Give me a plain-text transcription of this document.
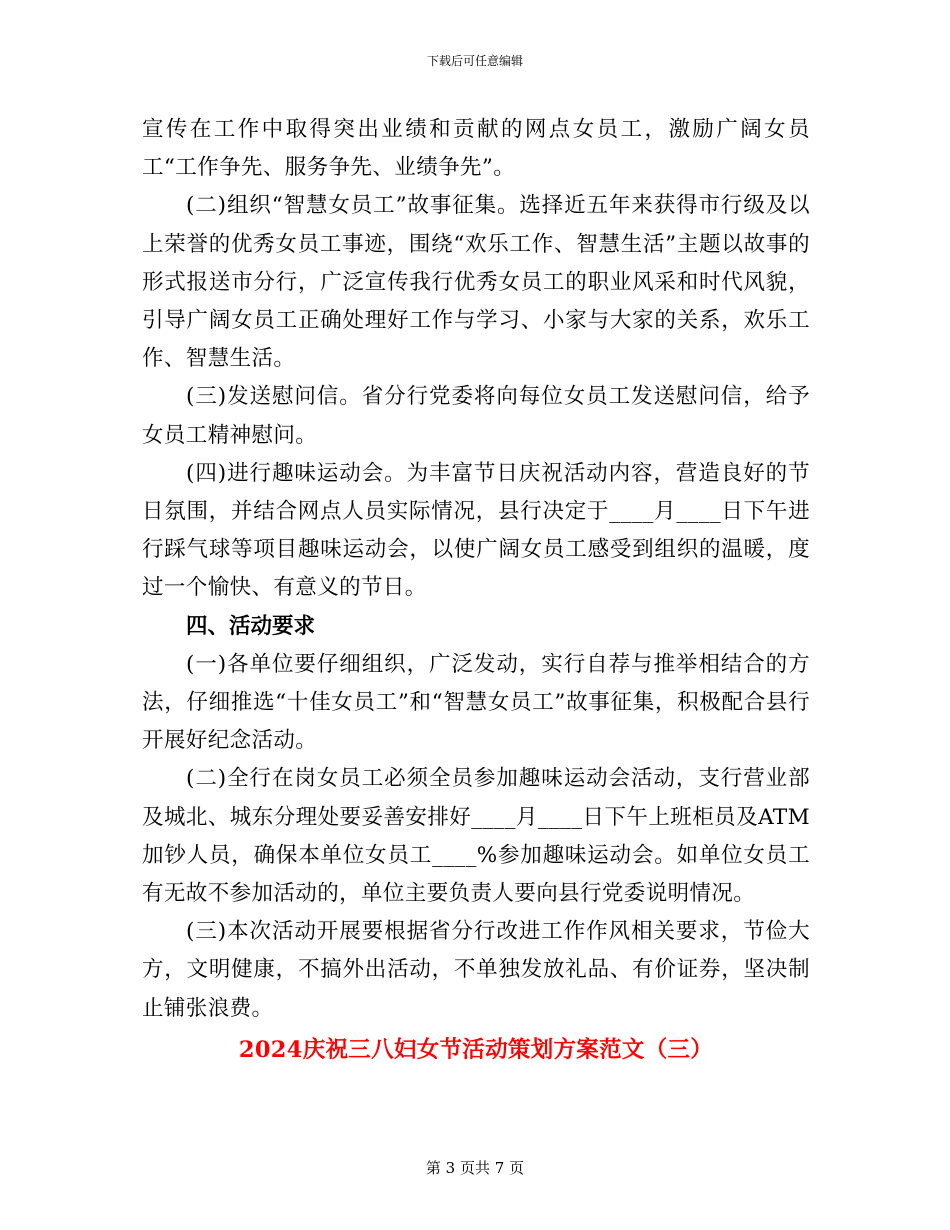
下载后可任意编辑

宣传在工作中取得突出业绩和贡献的网点女员工，激励广阔女员工“工作争先、服务争先、业绩争先”。

(二)组织“智慧女员工”故事征集。选择近五年来获得市行级及以上荣誉的优秀女员工事迹，围绕“欢乐工作、智慧生活”主题以故事的形式报送市分行，广泛宣传我行优秀女员工的职业风采和时代风貌，引导广阔女员工正确处理好工作与学习、小家与大家的关系，欢乐工作、智慧生活。

(三)发送慰问信。省分行党委将向每位女员工发送慰问信，给予女员工精神慰问。

(四)进行趣味运动会。为丰富节日庆祝活动内容，营造良好的节日氛围，并结合网点人员实际情况，县行决定于____月____日下午进行踩气球等项目趣味运动会，以使广阔女员工感受到组织的温暖，度过一个愉快、有意义的节日。

四、活动要求

(一)各单位要仔细组织，广泛发动，实行自荐与推举相结合的方法，仔细推选“十佳女员工”和“智慧女员工”故事征集，积极配合县行开展好纪念活动。

(二)全行在岗女员工必须全员参加趣味运动会活动，支行营业部及城北、城东分理处要妥善安排好____月____日下午上班柜员及ATM加钞人员，确保本单位女员工____%参加趣味运动会。如单位女员工有无故不参加活动的，单位主要负责人要向县行党委说明情况。

(三)本次活动开展要根据省分行改进工作作风相关要求，节俭大方，文明健康，不搞外出活动，不单独发放礼品、有价证券，坚决制止铺张浪费。

2024庆祝三八妇女节活动策划方案范文（三）
第 3 页共 7 页
